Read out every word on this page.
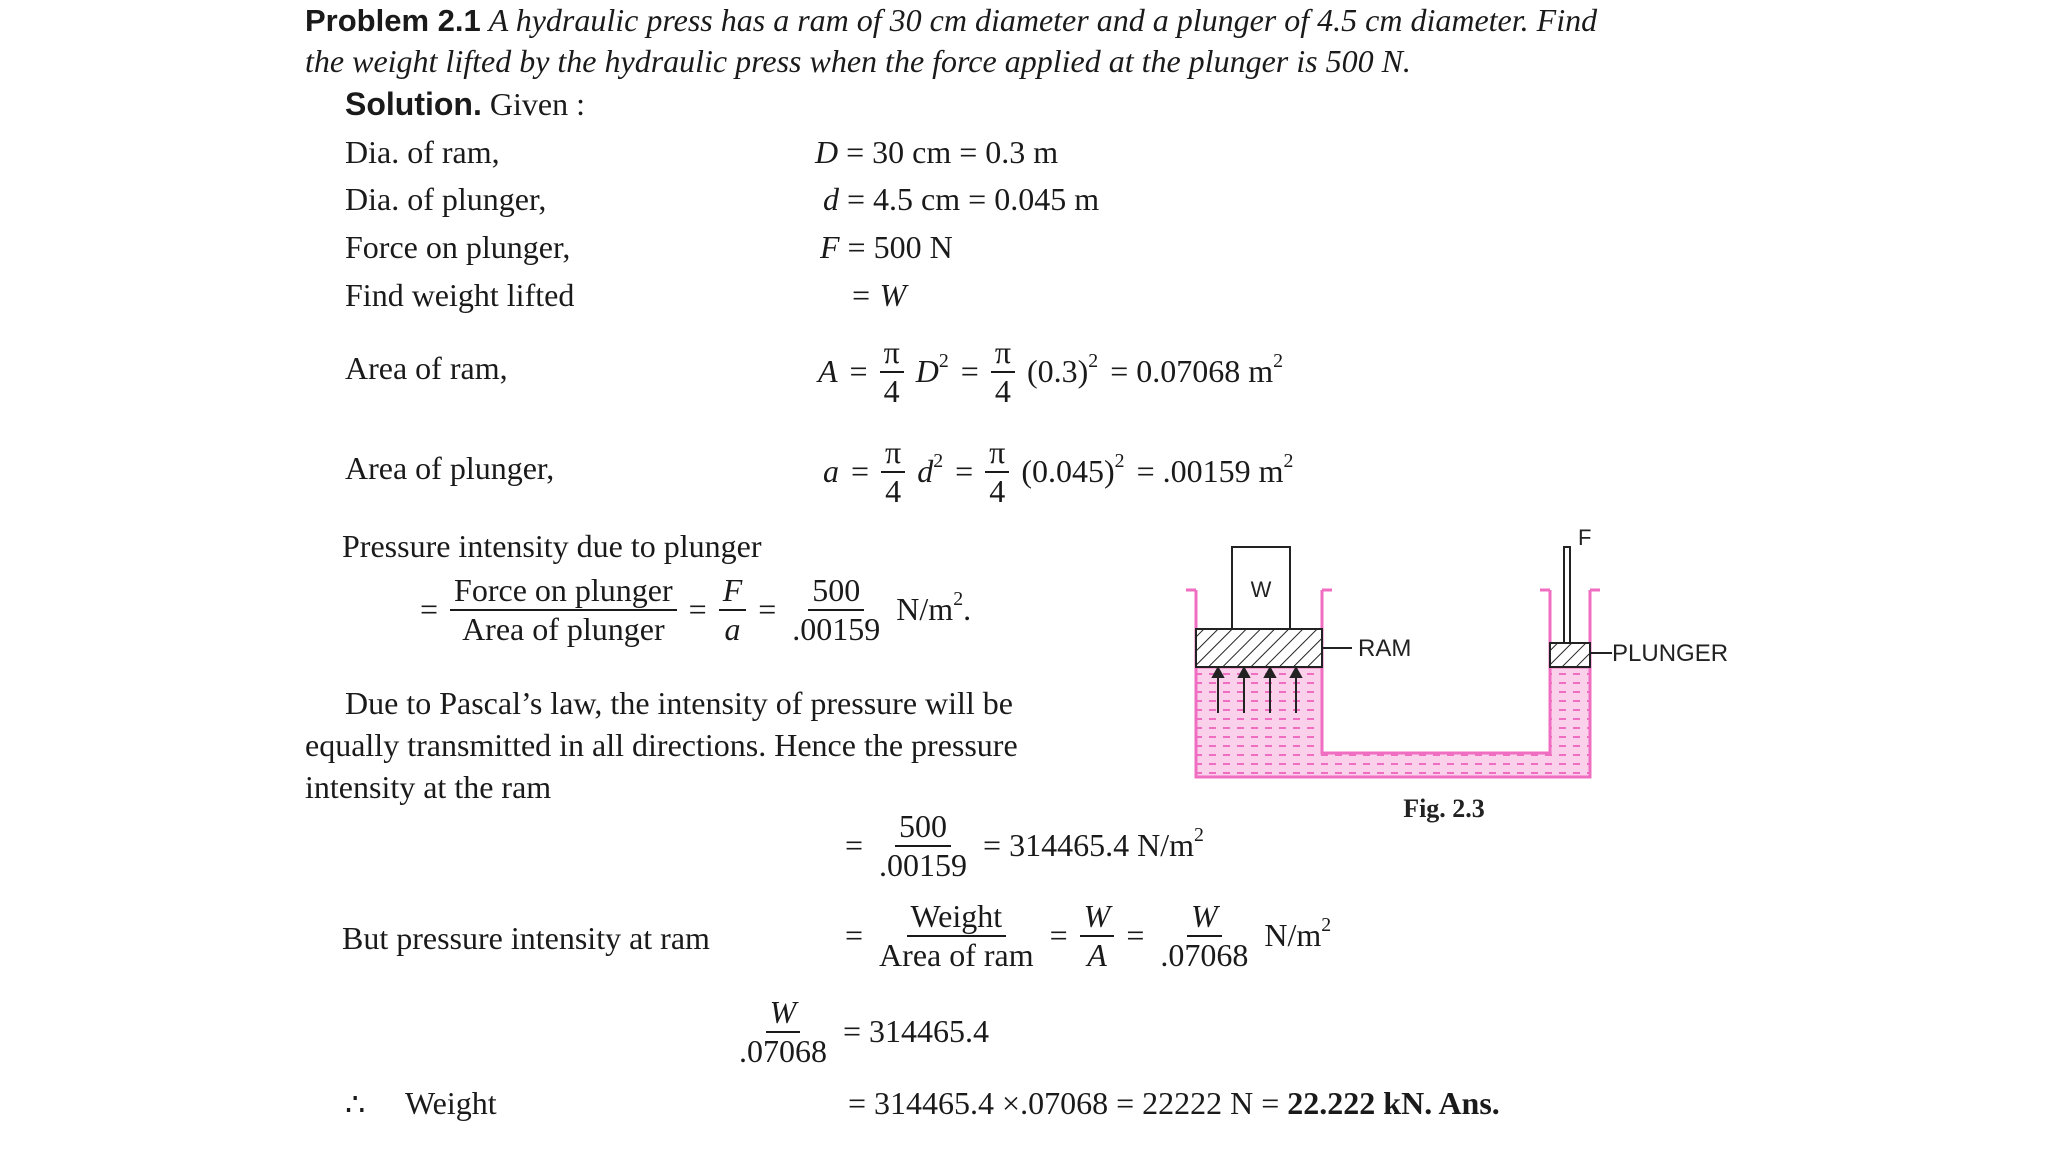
Problem 2.1 A hydraulic press has a ram of 30 cm diameter and a plunger of 4.5 cm diameter. Find
the weight lifted by the hydraulic press when the force applied at the plunger is 500 N.
Solution. Given :
Dia. of ram,	D = 30 cm = 0.3 m
Dia. of plunger,	d = 4.5 cm = 0.045 m
Force on plunger,	F = 500 N
Find weight lifted	= W
Area of ram,	$A = \frac{\pi}{4} D^2 = \frac{\pi}{4} (0.3)^2 = 0.07068$ $m^2$
Area of plunger,	$a = \frac{\pi}{4} d^2 = \frac{\pi}{4} (0.045)^2 = .00159$ $m^2$
Pressure intensity due to plunger
= $\frac{\text{Force on plunger}}{\text{Area of plunger}} = \frac{F}{a} = \frac{500}{.00159} N/m^2$.
Due to Pascal’s law, the intensity of pressure will be
equally transmitted in all directions. Hence the pressure
intensity at the ram
W
F
RAM	PLUNGER
Fig. 2.3
= $\frac{500}{.00159} = 314465.4$ $N/m^2$
But pressure intensity at ram	= $\frac{\text{Weight}}{\text{Area of ram}} = \frac{W}{A} = \frac{W}{.07068} N/m^2$
$\frac{W}{.07068} = 314465.4$
∴ Weight	= 314465.4 ×.07068 = 22222 N = 22.222 kN. Ans.
